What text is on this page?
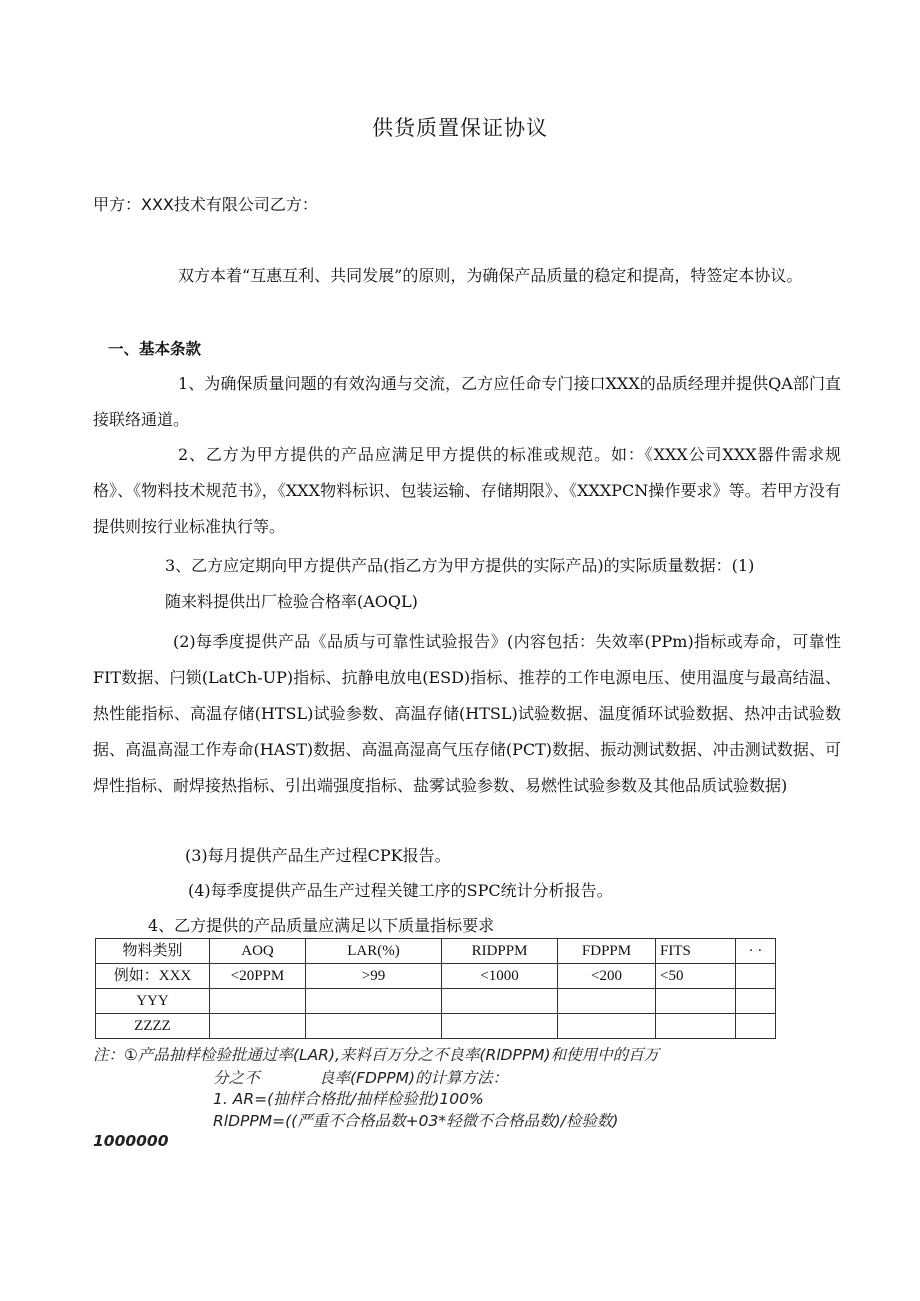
供货质置保证协议
甲方：XXX技术有限公司乙方：
双方本着“互惠互利、共同发展”的原则，为确保产品质量的稳定和提高，特签定本协议。
一、基本条款
1、为确保质量问题的有效沟通与交流，乙方应任命专门接口XXX的品质经理并提供QA部门直接联络通道。
2、乙方为甲方提供的产品应满足甲方提供的标准或规范。如：《XXX公司XXX器件需求规格》、《物料技术规范书》，《XXX物料标识、包装运输、存储期限》、《XXXPCN操作要求》等。若甲方没有提供则按行业标准执行等。
3、乙方应定期向甲方提供产品(指乙方为甲方提供的实际产品)的实际质量数据：(1)
随来料提供出厂检验合格率(AOQL)
(2)每季度提供产品《品质与可靠性试验报告》(内容包括：失效率(PPm)指标或寿命，可靠性FIT数据、闩锁(LatCh-UP)指标、抗静电放电(ESD)指标、推荐的工作电源电压、使用温度与最高结温、热性能指标、高温存储(HTSL)试验参数、高温存储(HTSL)试验数据、温度循环试验数据、热冲击试验数据、高温高湿工作寿命(HAST)数据、高温高湿高气压存储(PCT)数据、振动测试数据、冲击测试数据、可焊性指标、耐焊接热指标、引出端强度指标、盐雾试验参数、易燃性试验参数及其他品质试验数据)
(3)每月提供产品生产过程CPK报告。
(4)每季度提供产品生产过程关键工序的SPC统计分析报告。
4、乙方提供的产品质量应满足以下质量指标要求
物料类别	AOQ	LAR(%)	RIDPPM	FDPPM	FITS	· ·
例如：XXX	<20PPM	>99	<1000	<200	<50	
YYY						
ZZZZ						
注：①产品抽样检验批通过率(LAR),来料百万分之不良率(RlDPPM)和使用中的百万
分之不	良率(FDPPM)的计算方法：
1. AR=(抽样合格批/抽样检验批)100%
RlDPPM=((严重不合格品数+03*轻微不合格品数)/检验数)
1000000
